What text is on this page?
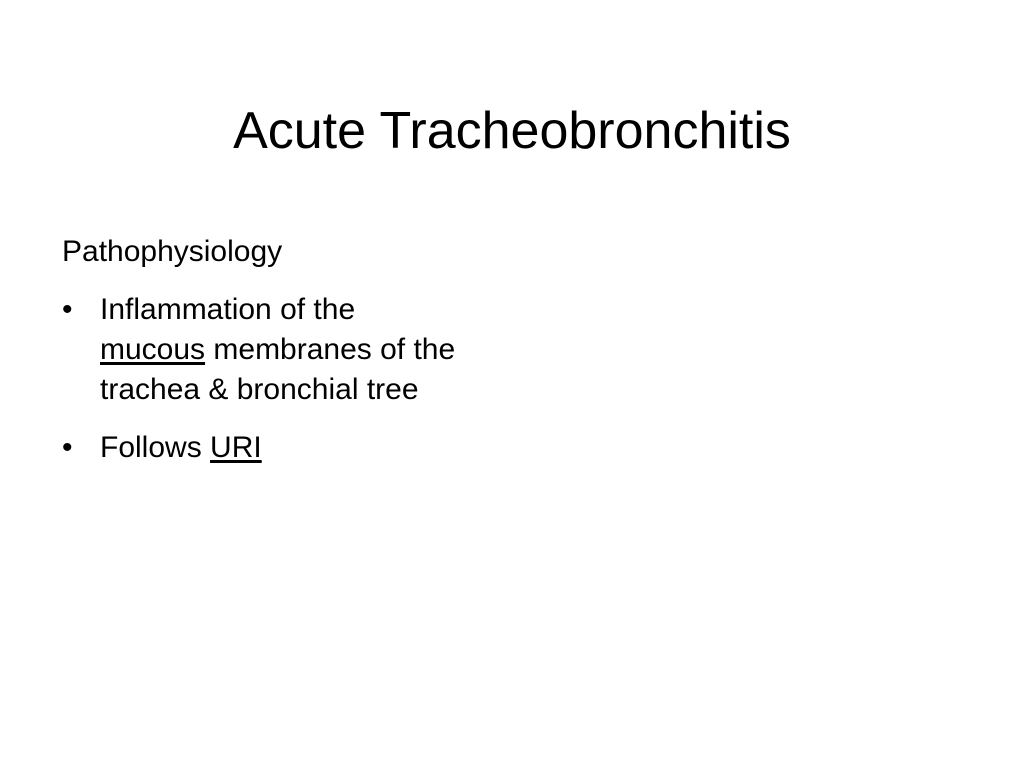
Acute Tracheobronchitis
Pathophysiology
• Inflammation of the
mucous membranes of the trachea & bronchial tree
• Follows URI
